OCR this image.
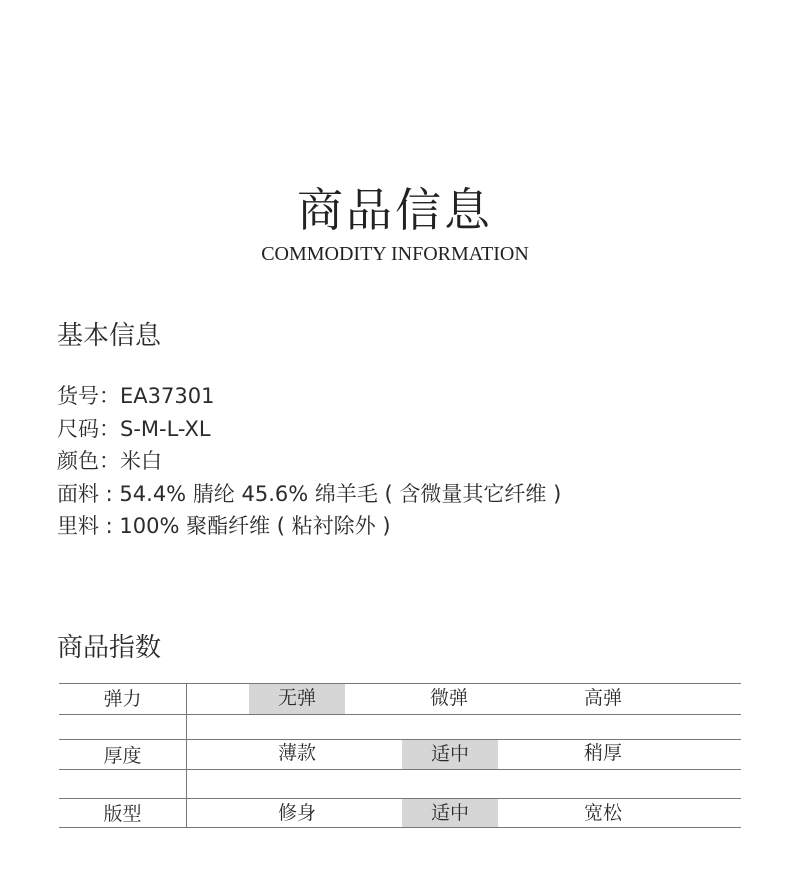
商品信息
COMMODITY INFORMATION
基本信息
货号：EA37301
尺码：S-M-L-XL
颜色：米白
面料 : 54.4% 腈纶 45.6% 绵羊毛 ( 含微量其它纤维 )
里料 : 100% 聚酯纤维 ( 粘衬除外 )
商品指数
弹力	无弹	微弹	高弹
厚度	薄款	适中	稍厚
版型	修身	适中	宽松
